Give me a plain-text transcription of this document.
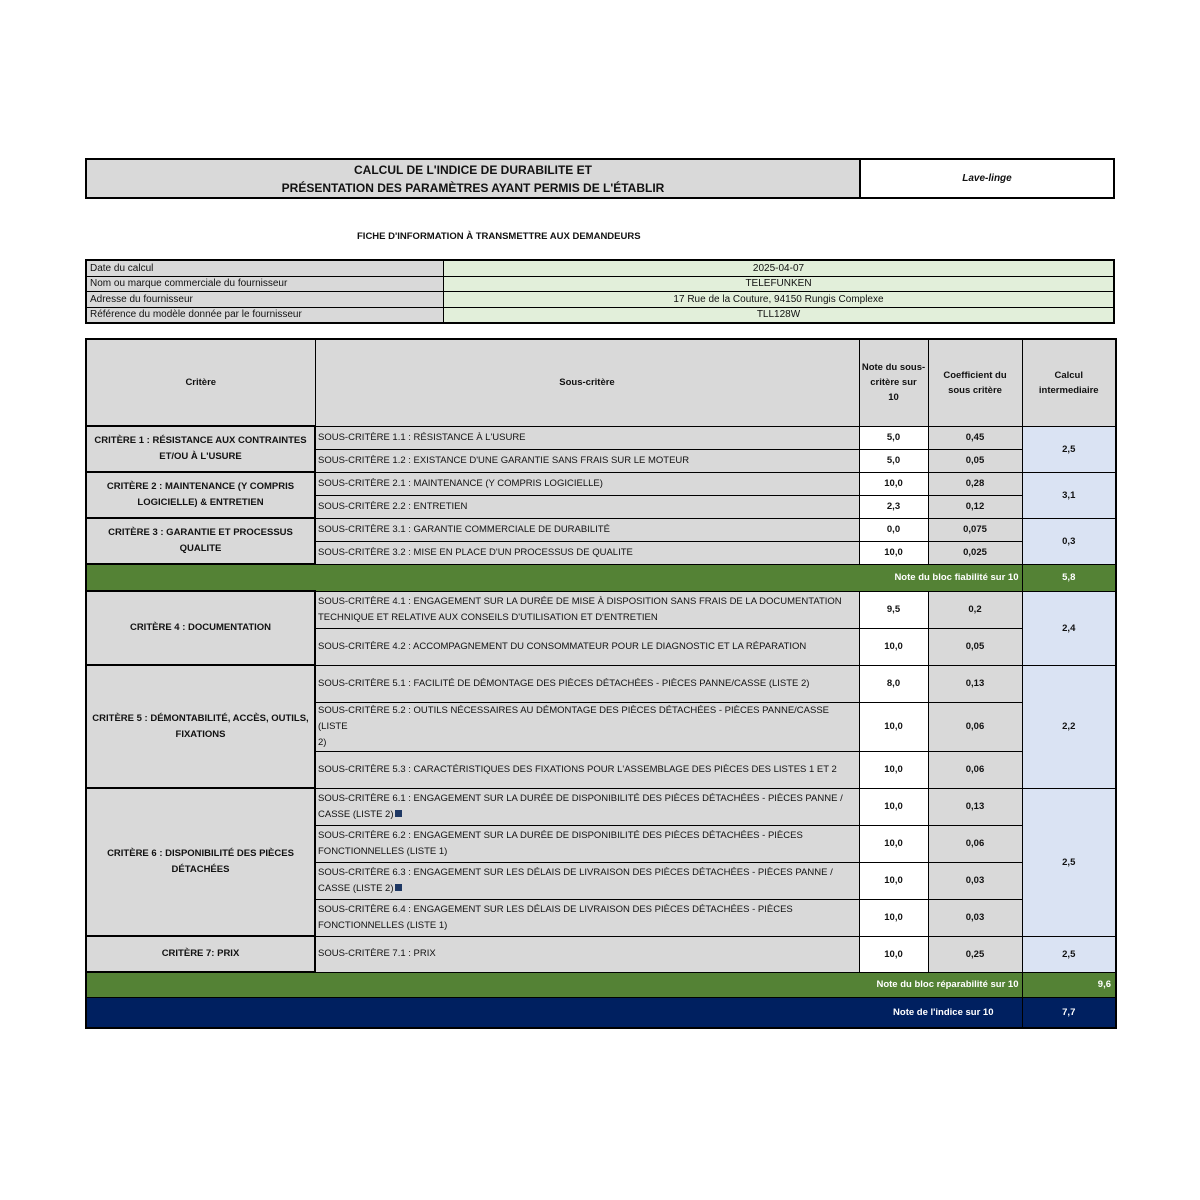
CALCUL DE L'INDICE DE DURABILITE ET
PRÉSENTATION DES PARAMÈTRES AYANT PERMIS DE L'ÉTABLIR
Lave-linge
FICHE D'INFORMATION À TRANSMETTRE AUX DEMANDEURS
Date du calcul	2025-04-07
Nom ou marque commerciale du fournisseur	TELEFUNKEN
Adresse du fournisseur	17 Rue de la Couture, 94150 Rungis Complexe
Référence du modèle donnée par le fournisseur	TLL128W
Critère	Sous-critère	Note du sous-
critère sur
10	Coefficient du
sous critère	Calcul
intermediaire
CRITÈRE 1 : RÉSISTANCE AUX CONTRAINTES
ET/OU À L'USURE	SOUS-CRITÈRE 1.1 : RÉSISTANCE À L'USURE	5,0	0,45	2,5
	SOUS-CRITÈRE 1.2 : EXISTANCE D'UNE GARANTIE SANS FRAIS SUR LE MOTEUR	5,0	0,05	
CRITÈRE 2 : MAINTENANCE (Y COMPRIS
LOGICIELLE) & ENTRETIEN	SOUS-CRITÈRE 2.1 : MAINTENANCE (Y COMPRIS LOGICIELLE)	10,0	0,28	3,1
	SOUS-CRITÈRE 2.2 : ENTRETIEN	2,3	0,12	
CRITÈRE 3 : GARANTIE ET PROCESSUS
QUALITE	SOUS-CRITÈRE 3.1 : GARANTIE COMMERCIALE DE DURABILITÉ	0,0	0,075	0,3
	SOUS-CRITÈRE 3.2 : MISE EN PLACE D'UN PROCESSUS DE QUALITE	10,0	0,025	
Note du bloc fiabilité sur 10				5,8
CRITÈRE 4 : DOCUMENTATION	SOUS-CRITÈRE 4.1 : ENGAGEMENT SUR LA DURÉE DE MISE À DISPOSITION SANS FRAIS DE LA DOCUMENTATION
TECHNIQUE ET RELATIVE AUX CONSEILS D'UTILISATION ET D'ENTRETIEN	9,5	0,2	2,4
	SOUS-CRITÈRE 4.2 : ACCOMPAGNEMENT DU CONSOMMATEUR POUR LE DIAGNOSTIC ET LA RÉPARATION	10,0	0,05	
CRITÈRE 5 : DÉMONTABILITÉ, ACCÈS, OUTILS,
FIXATIONS	SOUS-CRITÈRE 5.1 : FACILITÉ DE DÉMONTAGE DES PIÈCES DÉTACHÉES - PIÈCES PANNE/CASSE (LISTE 2)	8,0	0,13	2,2
	SOUS-CRITÈRE 5.2 : OUTILS NÉCESSAIRES AU DÉMONTAGE DES PIÈCES DÉTACHÉES - PIÈCES PANNE/CASSE (LISTE
2)	10,0	0,06	
	SOUS-CRITÈRE 5.3 : CARACTÉRISTIQUES DES FIXATIONS POUR L'ASSEMBLAGE DES PIÈCES DES LISTES 1 ET 2	10,0	0,06	
CRITÈRE 6 : DISPONIBILITÉ DES PIÈCES
DÉTACHÉES	SOUS-CRITÈRE 6.1 : ENGAGEMENT SUR LA DURÉE DE DISPONIBILITÉ DES PIÈCES DÉTACHÉES - PIÈCES PANNE /
CASSE (LISTE 2)	10,0	0,13	2,5
	SOUS-CRITÈRE 6.2 : ENGAGEMENT SUR LA DURÉE DE DISPONIBILITÉ DES PIÈCES DÉTACHÉES - PIÈCES
FONCTIONNELLES (LISTE 1)	10,0	0,06	
	SOUS-CRITÈRE 6.3 : ENGAGEMENT SUR LES DÉLAIS DE LIVRAISON DES PIÈCES DÉTACHÉES - PIÈCES PANNE /
CASSE (LISTE 2)	10,0	0,03	
	SOUS-CRITÈRE 6.4 : ENGAGEMENT SUR LES DÉLAIS DE LIVRAISON DES PIÈCES DÉTACHÉES - PIÈCES
FONCTIONNELLES (LISTE 1)	10,0	0,03	
CRITÈRE 7: PRIX	SOUS-CRITÈRE 7.1 : PRIX	10,0	0,25	2,5
Note du bloc réparabilité sur 10				9,6
Note de l'indice sur 10				7,7
